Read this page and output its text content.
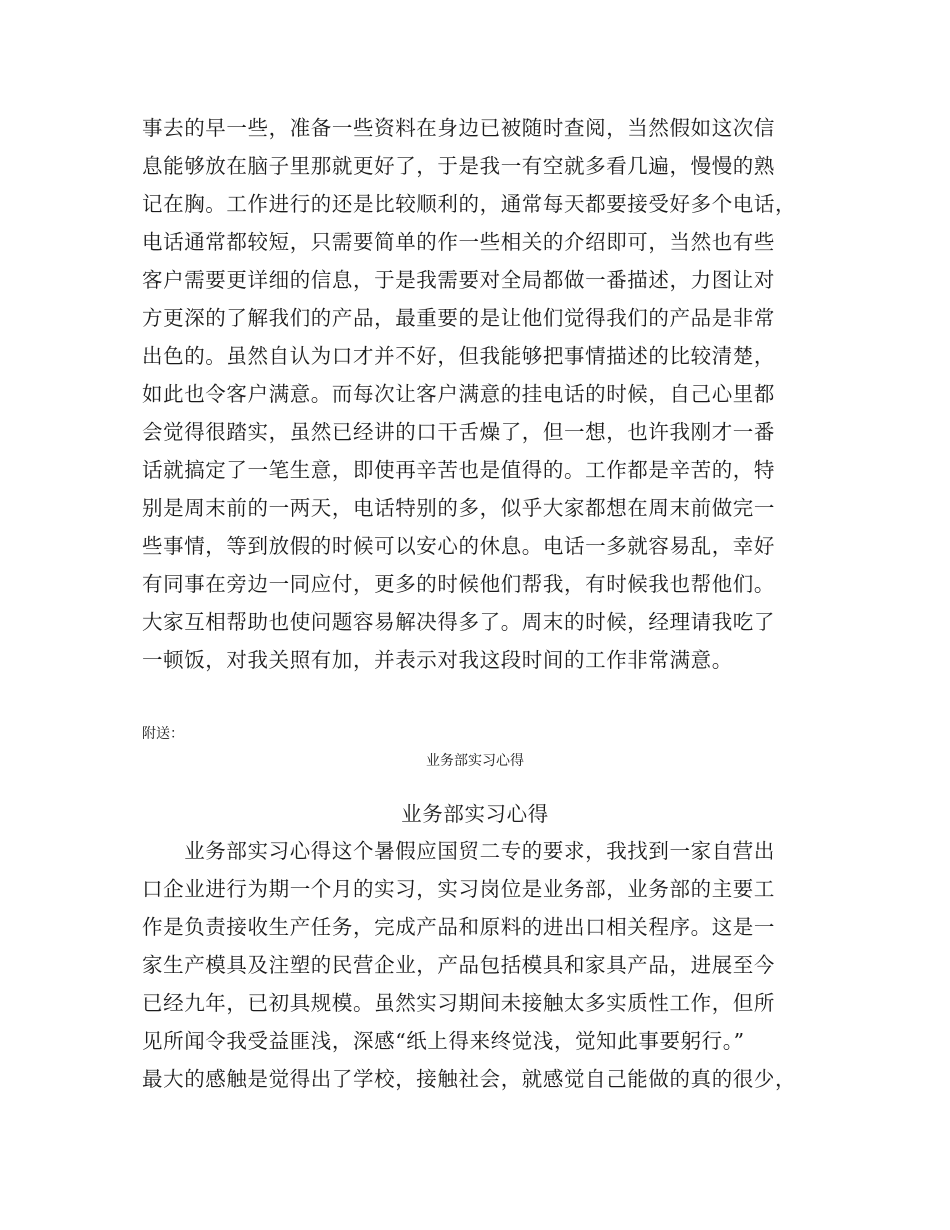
事去的早一些，准备一些资料在身边已被随时查阅，当然假如这次信
息能够放在脑子里那就更好了，于是我一有空就多看几遍，慢慢的熟
记在胸。工作进行的还是比较顺利的，通常每天都要接受好多个电话，
电话通常都较短，只需要简单的作一些相关的介绍即可，当然也有些
客户需要更详细的信息，于是我需要对全局都做一番描述，力图让对
方更深的了解我们的产品，最重要的是让他们觉得我们的产品是非常
出色的。虽然自认为口才并不好，但我能够把事情描述的比较清楚，
如此也令客户满意。而每次让客户满意的挂电话的时候，自己心里都
会觉得很踏实，虽然已经讲的口干舌燥了，但一想，也许我刚才一番
话就搞定了一笔生意，即使再辛苦也是值得的。工作都是辛苦的，特
别是周末前的一两天，电话特别的多，似乎大家都想在周末前做完一
些事情，等到放假的时候可以安心的休息。电话一多就容易乱，幸好
有同事在旁边一同应付，更多的时候他们帮我，有时候我也帮他们。
大家互相帮助也使问题容易解决得多了。周末的时候，经理请我吃了
一顿饭，对我关照有加，并表示对我这段时间的工作非常满意。
附送：
业务部实习心得
业务部实习心得
　　业务部实习心得这个暑假应国贸二专的要求，我找到一家自营出
口企业进行为期一个月的实习，实习岗位是业务部，业务部的主要工
作是负责接收生产任务，完成产品和原料的进出口相关程序。这是一
家生产模具及注塑的民营企业，产品包括模具和家具产品，进展至今
已经九年，已初具规模。虽然实习期间未接触太多实质性工作，但所
见所闻令我受益匪浅，深感“纸上得来终觉浅，觉知此事要躬行。”
最大的感触是觉得出了学校，接触社会，就感觉自己能做的真的很少，
